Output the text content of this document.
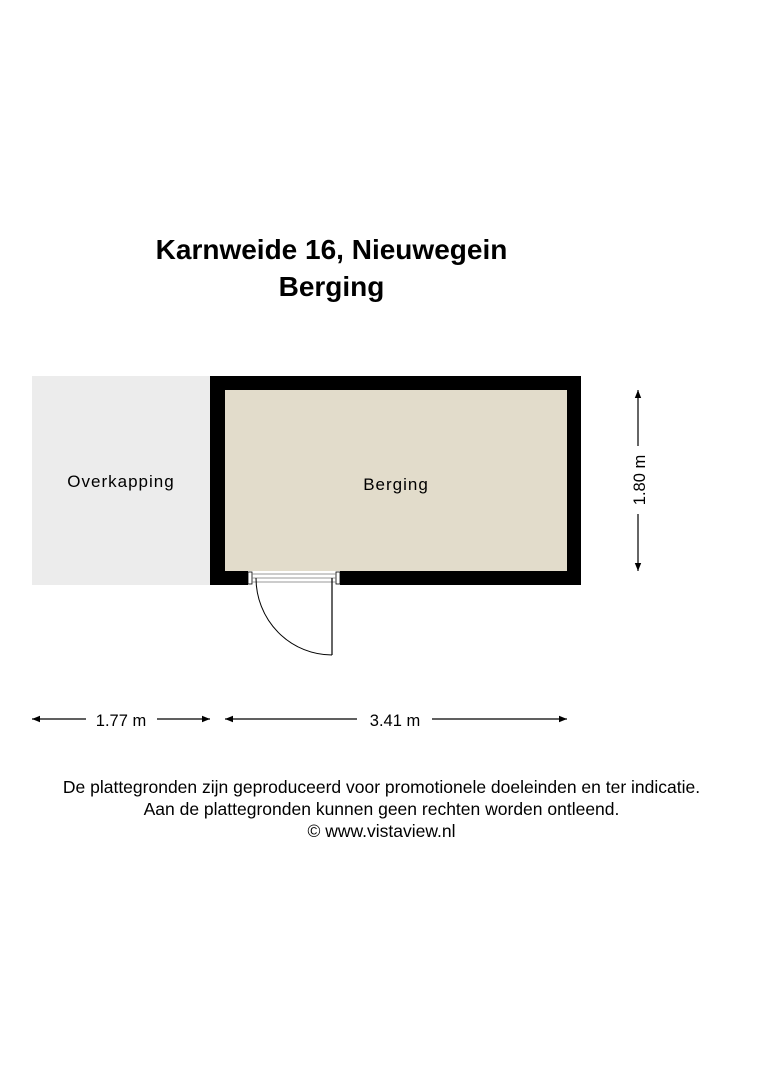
Karnweide 16, Nieuwegein
Berging
Overkapping	Berging	1.80 m
1.77 m	3.41 m
De plattegronden zijn geproduceerd voor promotionele doeleinden en ter indicatie.
Aan de plattegronden kunnen geen rechten worden ontleend.
© www.vistaview.nl
